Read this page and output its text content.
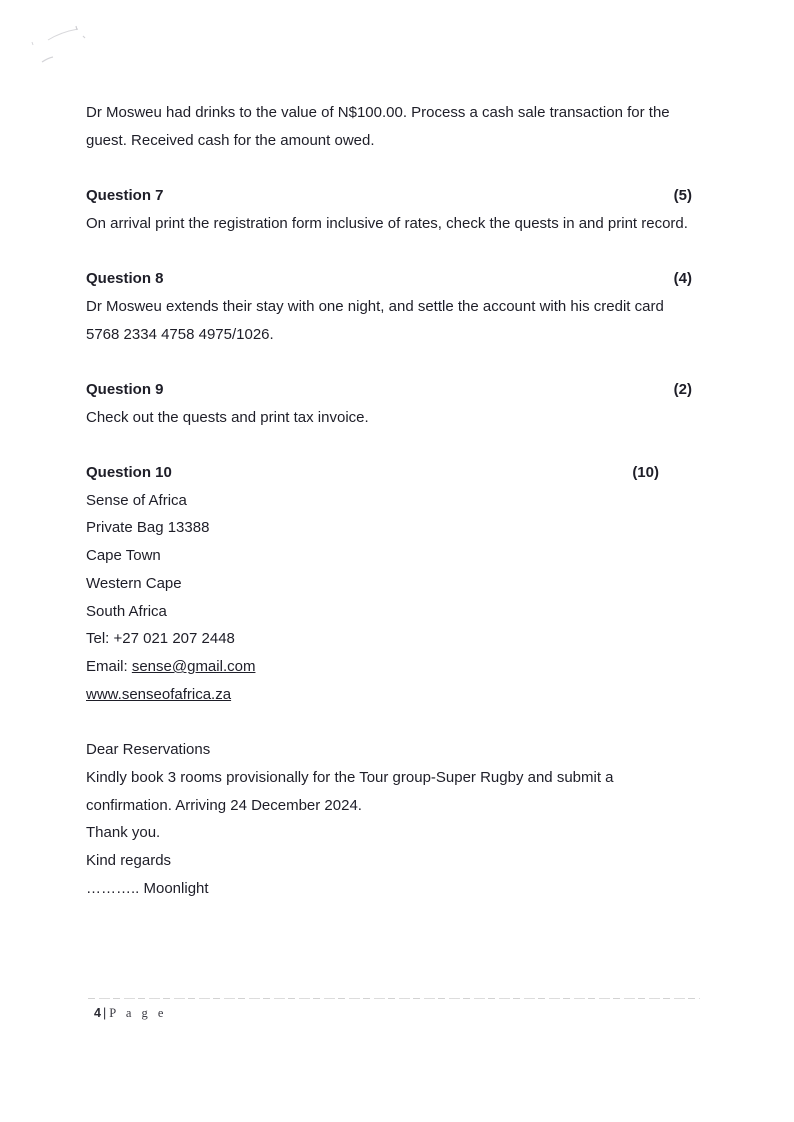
Dr Mosweu had drinks to the value of N$100.00. Process a cash sale transaction for the guest. Received cash for the amount owed.

Question 7	(5)

On arrival print the registration form inclusive of rates, check the quests in and print record.

Question 8	(4)

Dr Mosweu extends their stay with one night, and settle the account with his credit card 5768 2334 4758 4975/1026.

Question 9	(2)

Check out the quests and print tax invoice.

Question 10	(10)
Sense of Africa
Private Bag 13388
Cape Town
Western Cape
South Africa
Tel: +27 021 207 2448
Email: sense@gmail.com
www.senseofafrica.za
Dear Reservations

Kindly book 3 rooms provisionally for the Tour group-Super Rugby and submit a confirmation. Arriving 24 December 2024.

Thank you.
Kind regards
……….. Moonlight
4 | P a g e
